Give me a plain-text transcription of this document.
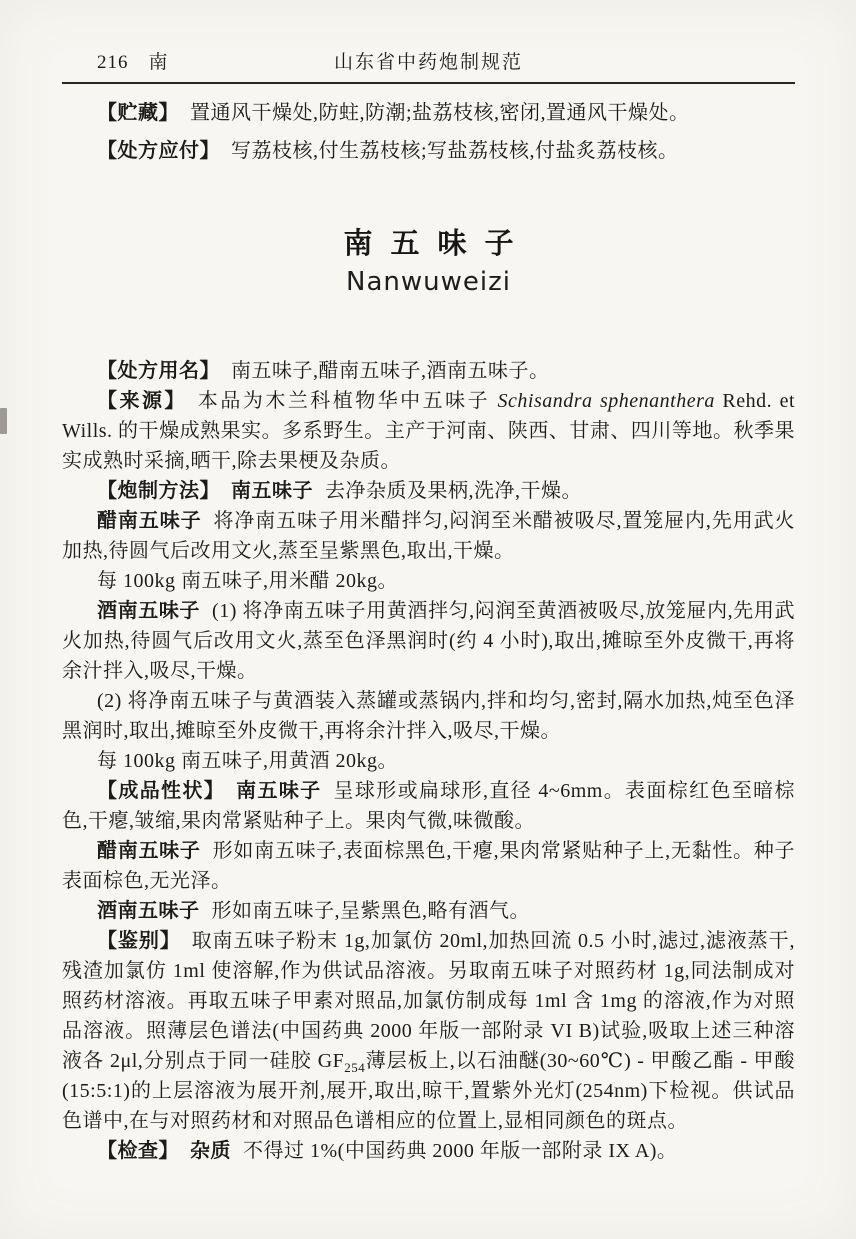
216 南	山东省中药炮制规范

【贮藏】 置通风干燥处,防蛀,防潮;盐荔枝核,密闭,置通风干燥处。

【处方应付】 写荔枝核,付生荔枝核;写盐荔枝核,付盐炙荔枝核。

南五味子
Nanwuweizi

【处方用名】 南五味子,醋南五味子,酒南五味子。

【来源】 本品为木兰科植物华中五味子 Schisandra sphenanthera Rehd. et Wills. 的干燥成熟果实。多系野生。主产于河南、陕西、甘肃、四川等地。秋季果实成熟时采摘,晒干,除去果梗及杂质。

【炮制方法】 南五味子 去净杂质及果柄,洗净,干燥。

醋南五味子 将净南五味子用米醋拌匀,闷润至米醋被吸尽,置笼屉内,先用武火加热,待圆气后改用文火,蒸至呈紫黑色,取出,干燥。

每 100kg 南五味子,用米醋 20kg。

酒南五味子 (1) 将净南五味子用黄酒拌匀,闷润至黄酒被吸尽,放笼屉内,先用武火加热,待圆气后改用文火,蒸至色泽黑润时(约 4 小时),取出,摊晾至外皮微干,再将余汁拌入,吸尽,干燥。

(2) 将净南五味子与黄酒装入蒸罐或蒸锅内,拌和均匀,密封,隔水加热,炖至色泽黑润时,取出,摊晾至外皮微干,再将余汁拌入,吸尽,干燥。

每 100kg 南五味子,用黄酒 20kg。

【成品性状】 南五味子 呈球形或扁球形,直径 4~6mm。表面棕红色至暗棕色,干瘪,皱缩,果肉常紧贴种子上。果肉气微,味微酸。

醋南五味子 形如南五味子,表面棕黑色,干瘪,果肉常紧贴种子上,无黏性。种子表面棕色,无光泽。

酒南五味子 形如南五味子,呈紫黑色,略有酒气。

【鉴别】 取南五味子粉末 1g,加氯仿 20ml,加热回流 0.5 小时,滤过,滤液蒸干,残渣加氯仿 1ml 使溶解,作为供试品溶液。另取南五味子对照药材 1g,同法制成对照药材溶液。再取五味子甲素对照品,加氯仿制成每 1ml 含 1mg 的溶液,作为对照品溶液。照薄层色谱法(中国药典 2000 年版一部附录 VI B)试验,吸取上述三种溶液各 2μl,分别点于同一硅胶 $GF_{254}$薄层板上,以石油醚(30~60℃) - 甲酸乙酯 - 甲酸 (15:5:1)的上层溶液为展开剂,展开,取出,晾干,置紫外光灯(254nm)下检视。供试品色谱中,在与对照药材和对照品色谱相应的位置上,显相同颜色的斑点。

【检查】 杂质 不得过 1%(中国药典 2000 年版一部附录 IX A)。
